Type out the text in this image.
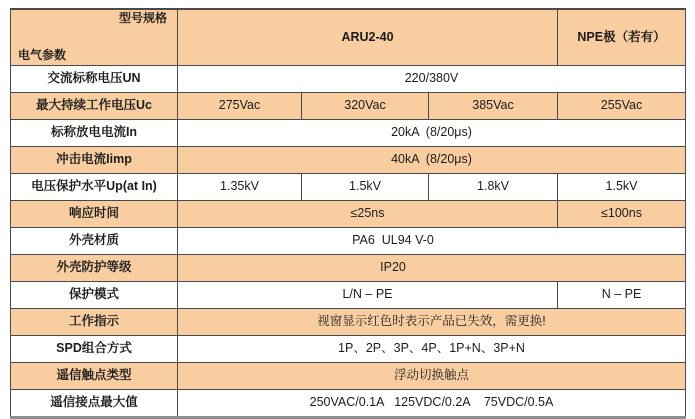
型号规格

电气参数	ARU2-40			NPE极（若有）
交流标称电压UN	220/380V			
最大持续工作电压Uc	275Vac	320Vac	385Vac	255Vac
标称放电电流In	20kA  (8/20μs)			
冲击电流Iimp	40kA  (8/20μs)			
电压保护水平Up(at In)	1.35kV	1.5kV	1.8kV	1.5kV
响应时间	≤25ns			≤100ns
外壳材质	PA6  UL94 V-0			
外壳防护等级	IP20			
保护模式	L/N – PE			N – PE
工作指示	视窗显示红色时表示产品已失效，需更换!			
SPD组合方式	1P、2P、3P、4P、1P+N、3P+N			
遥信触点类型	浮动切换触点			
遥信接点最大值	250VAC/0.1A   125VDC/0.2A    75VDC/0.5A			
